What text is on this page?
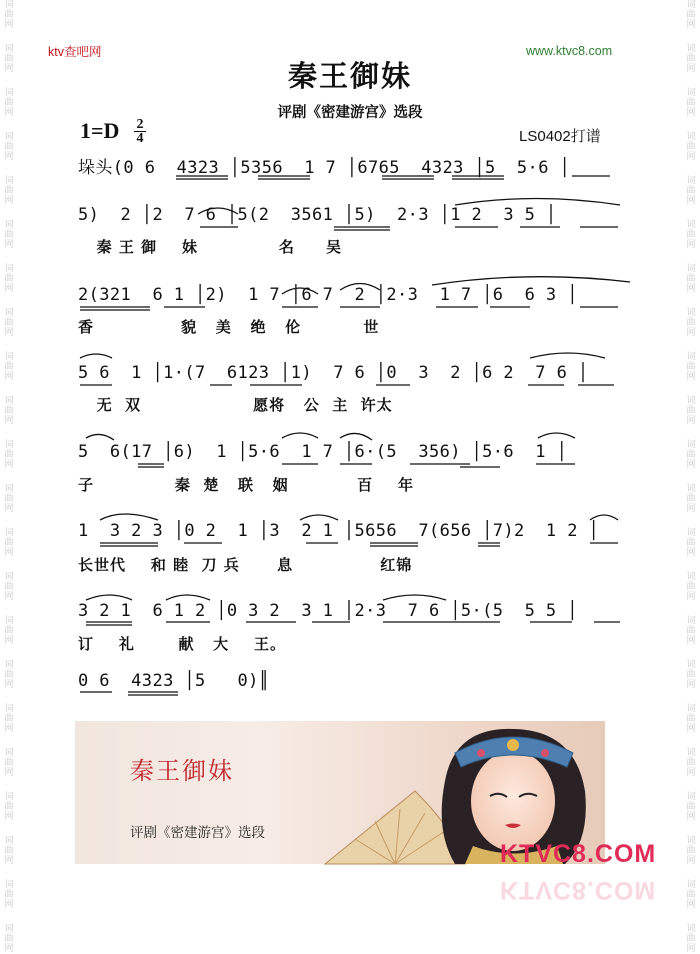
词
曲
网
词
曲
网
词
曲
网
词
曲
网
词
曲
网
词
曲
网
词
曲
网
词
曲
网
词
曲
网
词
曲
网
词
曲
网
词
曲
网
词
曲
网
词
曲
网
词
曲
网
词
曲
网
词
曲
网
词
曲
网
词
曲
网
词
曲
网
词
曲
网
词
曲
网
词
曲
网
词
曲
网
词
曲
网
词
曲
网
词
曲
网
词
曲
网
词
曲
网
词
曲
网
词
曲
网
词
曲
网
词
曲
网
词
曲
网
词
曲
网
词
曲
网
词
曲
网
词
曲
网
词
曲
网
词
曲
网
词
曲
网
词
曲
网
词
曲
网
词
曲
网
ktv查吧网	www.ktvc8.com
秦王御妹
评剧《密建游宫》选段
1=D	2
4	LS0402打谱
垛头(0 6  4323 │5356  1 7 │6765  4323 │5  5·6 │
5)  2 │2  7 6 │5(2  3561 │5)  2·3 │1 2  3 5 │
秦 王 御    妹             名     吴
2(321  6 1 │2)  1 7 │6 7  2 │2·3  1 7 │6  6 3 │
香              貌   美   绝   伦          世
5 6  1 │1·(7  6123 │1)  7 6 │0  3  2 │6 2  7 6 │
无  双                  愿将   公  主  许太
5  6(17 │6)  1 │5·6  1 7 │6·(5  356) │5·6  1 │
子             秦  楚   联   姻           百    年
1  3 2 3 │0 2  1 │3  2 1 │5656  7(656 │7)2  1 2 │
长世代    和 睦  刀 兵      息              红锦
3 2 1  6 1 2 │0 3 2  3 1 │2·3  7 6 │5·(5  5 5 │
订    礼       献   大    王。
0 6  4323 │5   0)║
秦王御妹
评剧《密建游宫》选段
KTVC8.COM
KTVC8.COM
